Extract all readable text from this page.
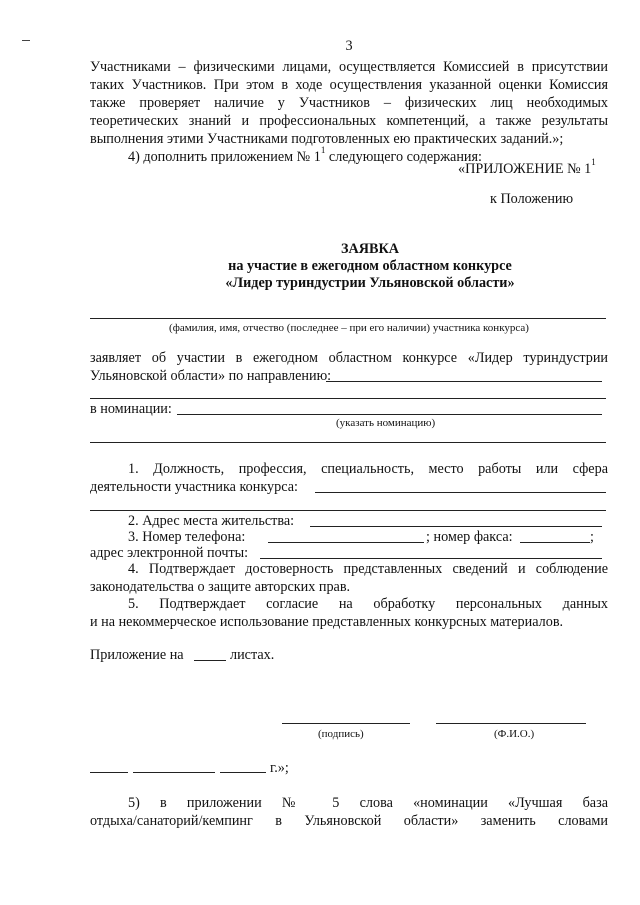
3
Участниками – физическими лицами, осуществляется Комиссией в присутствии
таких Участников. При этом в ходе осуществления указанной оценки Комиссия
также проверяет наличие у Участников – физических лиц необходимых
теоретических знаний и профессиональных компетенций, а также результаты
выполнения этими Участниками подготовленных ею практических заданий.»;
4) дополнить приложением № $1^1$ следующего содержания:
«ПРИЛОЖЕНИЕ № $1^1$
к Положению
ЗАЯВКА
на участие в ежегодном областном конкурсе
«Лидер туриндустрии Ульяновской области»
(фамилия, имя, отчество (последнее – при его наличии) участника конкурса)
заявляет об участии в ежегодном областном конкурсе «Лидер туриндустрии
Ульяновской области» по направлению:
в номинации:
(указать номинацию)
1. Должность, профессия, специальность, место работы или сфера
деятельности участника конкурса:
2. Адрес места жительства:
3. Номер телефона:	; номер факса:	;
адрес электронной почты:
4. Подтверждает достоверность представленных сведений и соблюдение
законодательства о защите авторских прав.
5. Подтверждает согласие на обработку персональных данных
и на некоммерческое использование представленных конкурсных материалов.
Приложение на	листах.
(подпись)	(Ф.И.О.)
г.»;
5) в приложении № 5 слова «номинации «Лучшая база
отдыха/санаторий/кемпинг в Ульяновской области» заменить словами
